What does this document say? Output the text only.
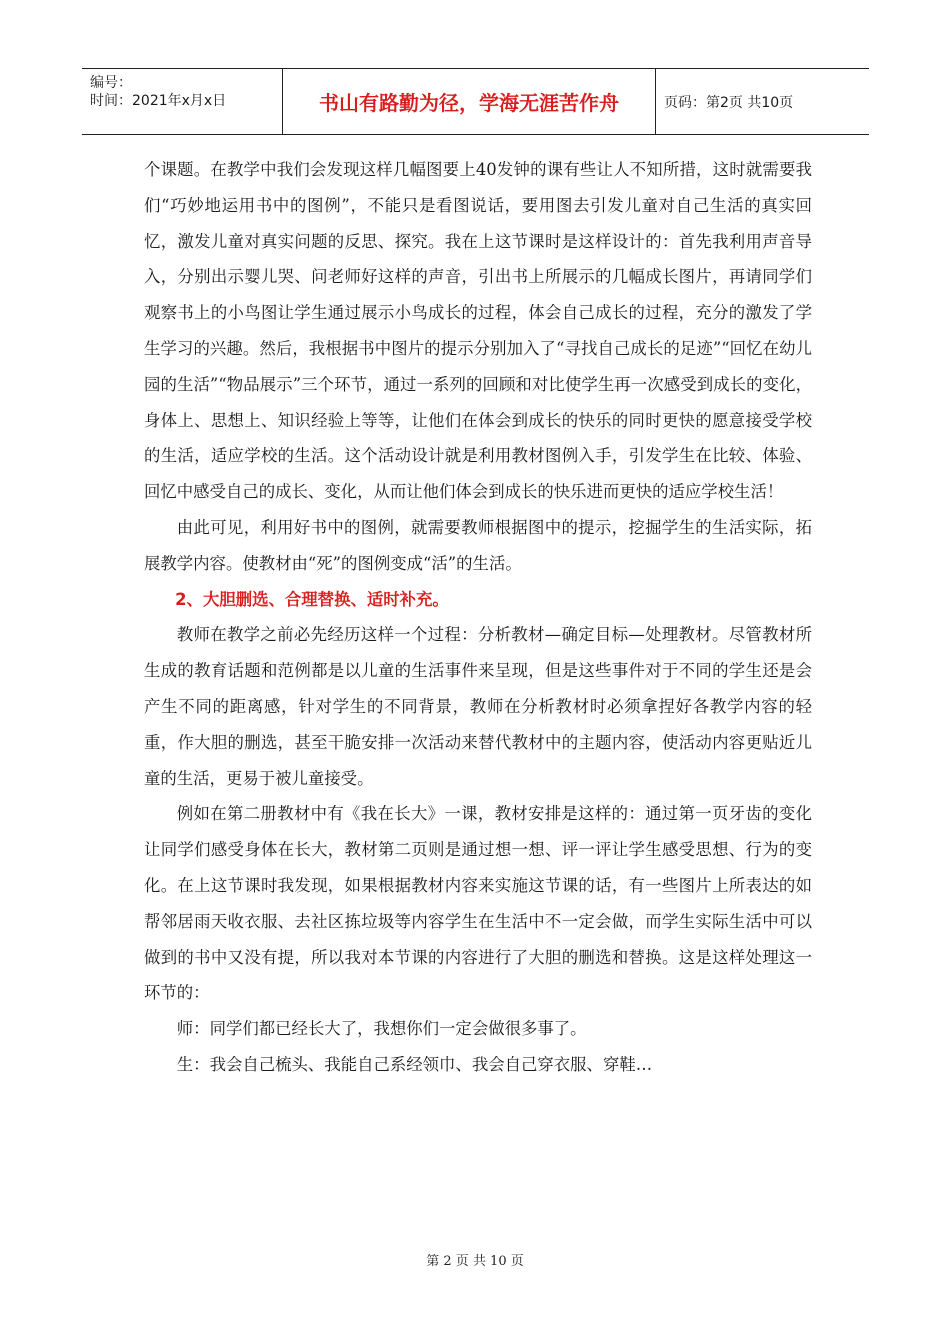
编号：
时间：2021年x月x日	书山有路勤为径，学海无涯苦作舟	页码：第2页 共10页

个课题。在教学中我们会发现这样几幅图要上40发钟的课有些让人不知所措，这时就需要我们“巧妙地运用书中的图例”，不能只是看图说话，要用图去引发儿童对自己生活的真实回忆，激发儿童对真实问题的反思、探究。我在上这节课时是这样设计的：首先我利用声音导入，分别出示婴儿哭、问老师好这样的声音，引出书上所展示的几幅成长图片，再请同学们观察书上的小鸟图让学生通过展示小鸟成长的过程，体会自己成长的过程，充分的激发了学生学习的兴趣。然后，我根据书中图片的提示分别加入了“寻找自己成长的足迹”“回忆在幼儿园的生活”“物品展示”三个环节，通过一系列的回顾和对比使学生再一次感受到成长的变化，身体上、思想上、知识经验上等等，让他们在体会到成长的快乐的同时更快的愿意接受学校的生活，适应学校的生活。这个活动设计就是利用教材图例入手，引发学生在比较、体验、回忆中感受自己的成长、变化，从而让他们体会到成长的快乐进而更快的适应学校生活！

由此可见，利用好书中的图例，就需要教师根据图中的提示，挖掘学生的生活实际，拓展教学内容。使教材由“死”的图例变成“活”的生活。

2、大胆删选、合理替换、适时补充。

教师在教学之前必先经历这样一个过程：分析教材—确定目标—处理教材。尽管教材所生成的教育话题和范例都是以儿童的生活事件来呈现，但是这些事件对于不同的学生还是会产生不同的距离感，针对学生的不同背景，教师在分析教材时必须拿捏好各教学内容的轻重，作大胆的删选，甚至干脆安排一次活动来替代教材中的主题内容，使活动内容更贴近儿童的生活，更易于被儿童接受。

例如在第二册教材中有《我在长大》一课，教材安排是这样的：通过第一页牙齿的变化让同学们感受身体在长大，教材第二页则是通过想一想、评一评让学生感受思想、行为的变化。在上这节课时我发现，如果根据教材内容来实施这节课的话，有一些图片上所表达的如帮邻居雨天收衣服、去社区拣垃圾等内容学生在生活中不一定会做，而学生实际生活中可以做到的书中又没有提，所以我对本节课的内容进行了大胆的删选和替换。这是这样处理这一环节的：

师：同学们都已经长大了，我想你们一定会做很多事了。

生：我会自己梳头、我能自己系经领巾、我会自己穿衣服、穿鞋…

第 2 页 共 10 页
